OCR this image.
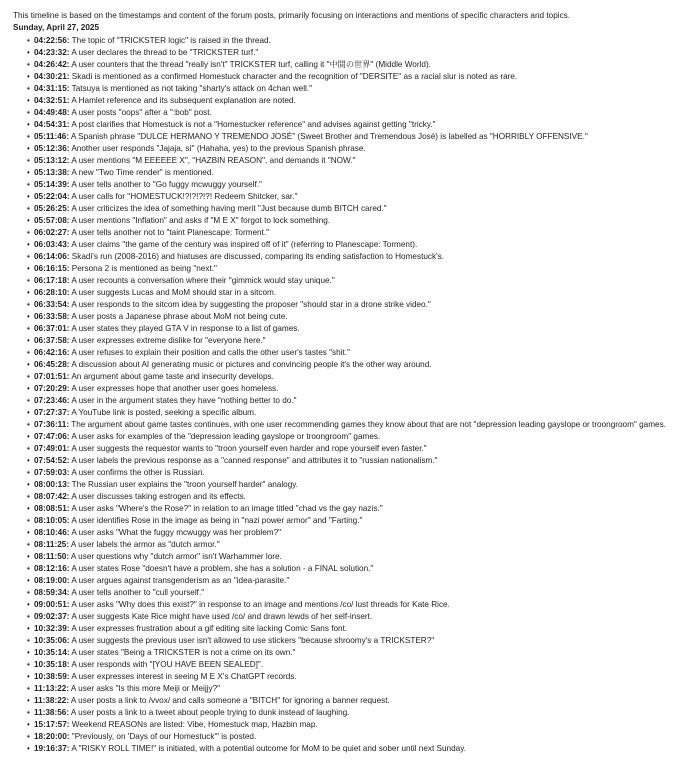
This timeline is based on the timestamps and content of the forum posts, primarily focusing on interactions and mentions of specific characters and topics.

Sunday, April 27, 2025
• 04:22:56: The topic of "TRICKSTER logic" is raised in the thread.
• 04:23:32: A user declares the thread to be "TRICKSTER turf."
• 04:26:42: A user counters that the thread "really isn't" TRICKSTER turf, calling it "中間の世界" (Middle World).
• 04:30:21: Skadi is mentioned as a confirmed Homestuck character and the recognition of "DERSITE" as a racial slur is noted as rare.
• 04:31:15: Tatsuya is mentioned as not taking "sharty's attack on 4chan well."
• 04:32:51: A Hamlet reference and its subsequent explanation are noted.
• 04:49:48: A user posts "oops" after a ":bob" post.
• 04:54:31: A post clarifies that Homestuck is not a "Homestucker reference" and advises against getting "tricky."
• 05:11:46: A Spanish phrase "DULCE HERMANO Y TREMENDO JOSÉ" (Sweet Brother and Tremendous José) is labelled as "HORRIBLY OFFENSIVE."
• 05:12:36: Another user responds "Jajaja, sí" (Hahaha, yes) to the previous Spanish phrase.
• 05:13:12: A user mentions "M EEEEEE X", "HAZBIN REASON", and demands it "NOW."
• 05:13:38: A new "Two Time render" is mentioned.
• 05:14:39: A user tells another to "Go fuggy mcwuggy yourself."
• 05:22:04: A user calls for "HOMESTUCK!?!?!?!?! Redeem Shitcker, sar."
• 05:26:25: A user criticizes the idea of something having merit "Just because dumb BITCH cared."
• 05:57:08: A user mentions "Inflation" and asks if "M E X" forgot to lock something.
• 06:02:27: A user tells another not to "taint Planescape: Torment."
• 06:03:43: A user claims "the game of the century was inspired off of it" (referring to Planescape: Torment).
• 06:14:06: Skadi's run (2008-2016) and hiatuses are discussed, comparing its ending satisfaction to Homestuck's.
• 06:16:15: Persona 2 is mentioned as being "next."
• 06:17:18: A user recounts a conversation where their "gimmick would stay unique."
• 06:28:10: A user suggests Lucas and MoM should star in a sitcom.
• 06:33:54: A user responds to the sitcom idea by suggesting the proposer "should star in a drone strike video."
• 06:33:58: A user posts a Japanese phrase about MoM not being cute.
• 06:37:01: A user states they played GTA V in response to a list of games.
• 06:37:58: A user expresses extreme dislike for "everyone here."
• 06:42:16: A user refuses to explain their position and calls the other user's tastes "shit."
• 06:45:28: A discussion about AI generating music or pictures and convincing people it's the other way around.
• 07:01:51: An argument about game taste and insecurity develops.
• 07:20:29: A user expresses hope that another user goes homeless.
• 07:23:46: A user in the argument states they have "nothing better to do."
• 07:27:37: A YouTube link is posted, seeking a specific album.
• 07:36:11: The argument about game tastes continues, with one user recommending games they know about that are not "depression leading gayslope or troongroom" games.
• 07:47:06: A user asks for examples of the "depression leading gayslope or troongroom" games.
• 07:49:01: A user suggests the requestor wants to "troon yourself even harder and rope yourself even faster."
• 07:54:52: A user labels the previous response as a "canned response" and attributes it to "russian nationalism."
• 07:59:03: A user confirms the other is Russian.
• 08:00:13: The Russian user explains the "troon yourself harder" analogy.
• 08:07:42: A user discusses taking estrogen and its effects.
• 08:08:51: A user asks "Where's the Rose?" in relation to an image titled "chad vs the gay nazis."
• 08:10:05: A user identifies Rose in the image as being in "nazi power armor" and "Farting."
• 08:10:46: A user asks "What the fuggy mcwuggy was her problem?"
• 08:11:25: A user labels the armor as "dutch armor."
• 08:11:50: A user questions why "dutch armor" isn't Warhammer lore.
• 08:12:16: A user states Rose "doesn't have a problem, she has a solution - a FINAL solution."
• 08:19:00: A user argues against transgenderism as an "idea-parasite."
• 08:59:34: A user tells another to "cull yourself."
• 09:00:51: A user asks "Why does this exist?" in response to an image and mentions /co/ lust threads for Kate Rice.
• 09:02:37: A user suggests Kate Rice might have used /co/ and drawn lewds of her self-insert.
• 10:32:39: A user expresses frustration about a gif editing site lacking Comic Sans font.
• 10:35:06: A user suggests the previous user isn't allowed to use stickers "because shroomy's a TRICKSTER?"
• 10:35:14: A user states "Being a TRICKSTER is not a crime on its own."
• 10:35:18: A user responds with "[YOU HAVE BEEN SEALED]".
• 10:38:59: A user expresses interest in seeing M E X's ChatGPT records.
• 11:13:22: A user asks "Is this more Meiji or Meijjy?"
• 11:38:22: A user posts a link to /vvox/ and calls someone a "BITCH" for ignoring a banner request.
• 11:38:56: A user posts a link to a tweet about people trying to dunk instead of laughing.
• 15:17:57: Weekend REASONs are listed: Vibe, Homestuck map, Hazbin map.
• 18:20:00: "Previously, on 'Days of our Homestuck'" is posted.
• 19:16:37: A "RISKY ROLL TIME!" is initiated, with a potential outcome for MoM to be quiet and sober until next Sunday.
